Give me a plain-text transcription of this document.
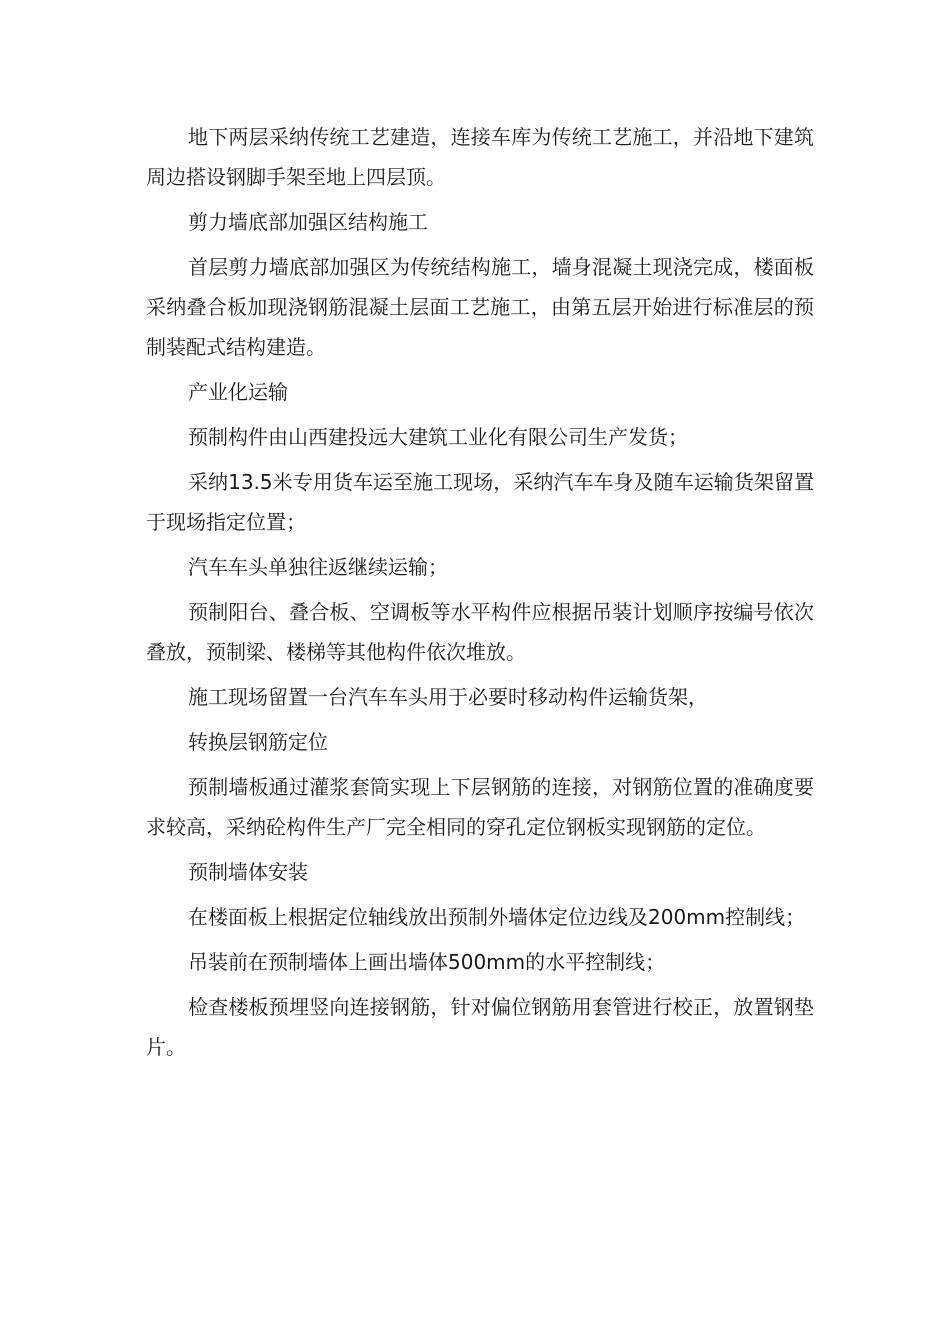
地下两层采纳传统工艺建造，连接车库为传统工艺施工，并沿地下建筑周边搭设钢脚手架至地上四层顶。

剪力墙底部加强区结构施工

首层剪力墙底部加强区为传统结构施工，墙身混凝土现浇完成，楼面板采纳叠合板加现浇钢筋混凝土层面工艺施工，由第五层开始进行标准层的预制装配式结构建造。

产业化运输

预制构件由山西建投远大建筑工业化有限公司生产发货；

采纳13.5米专用货车运至施工现场，采纳汽车车身及随车运输货架留置于现场指定位置；

汽车车头单独往返继续运输；

预制阳台、叠合板、空调板等水平构件应根据吊装计划顺序按编号依次叠放，预制梁、楼梯等其他构件依次堆放。

施工现场留置一台汽车车头用于必要时移动构件运输货架，

转换层钢筋定位

预制墙板通过灌浆套筒实现上下层钢筋的连接，对钢筋位置的准确度要求较高，采纳砼构件生产厂完全相同的穿孔定位钢板实现钢筋的定位。

预制墙体安装

在楼面板上根据定位轴线放出预制外墙体定位边线及200mm控制线；

吊装前在预制墙体上画出墙体500mm的水平控制线；

检查楼板预埋竖向连接钢筋，针对偏位钢筋用套管进行校正，放置钢垫片。
